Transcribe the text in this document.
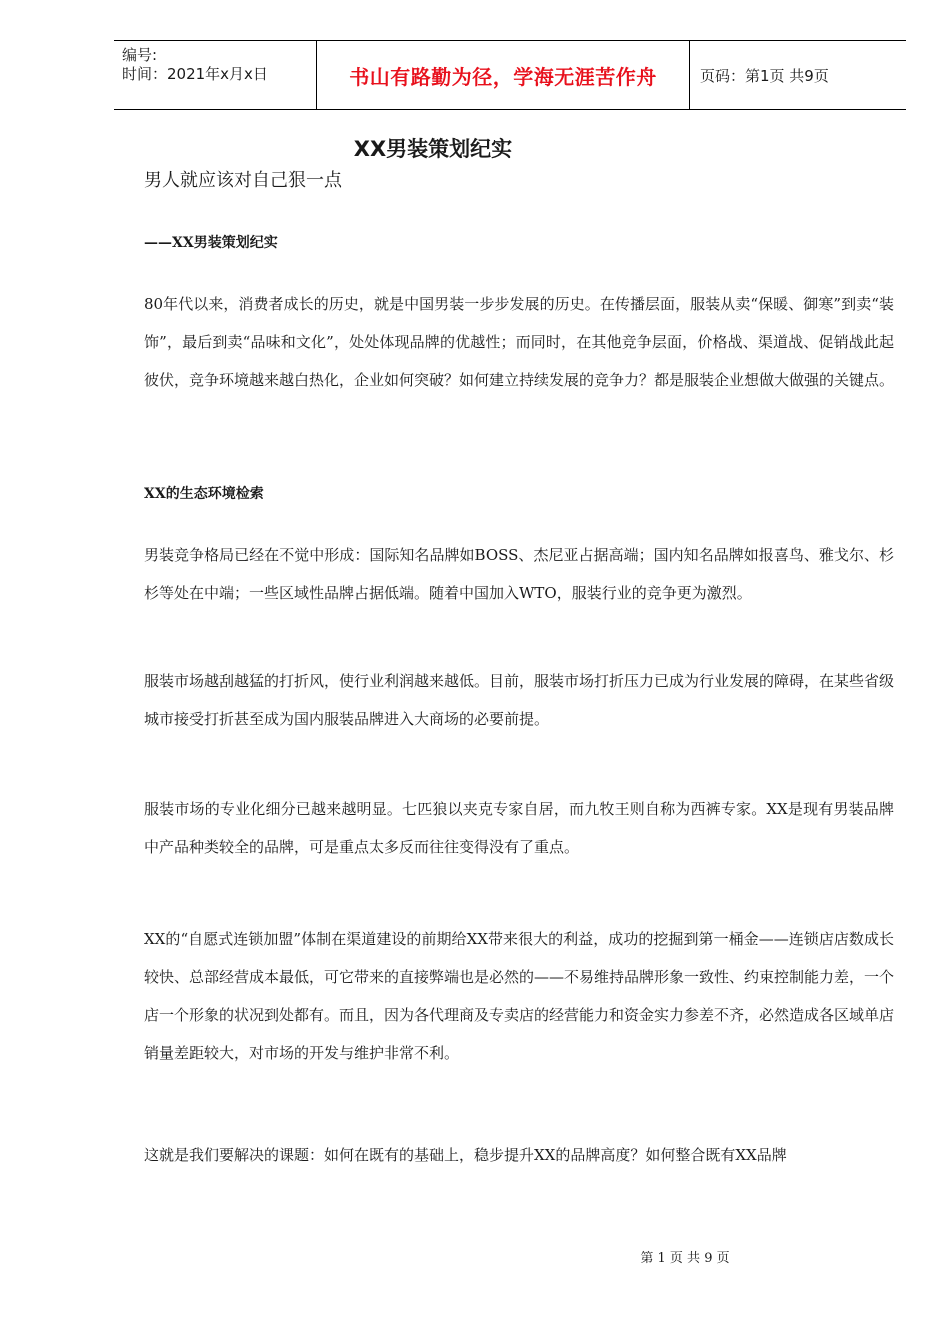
编号:
时间：2021年x月x日	书山有路勤为径，学海无涯苦作舟	页码：第1页 共9页
XX男装策划纪实
男人就应该对自己狠一点
——XX男装策划纪实

80年代以来，消费者成长的历史，就是中国男装一步步发展的历史。在传播层面，服装从卖“保暖、御寒”到卖“装饰”，最后到卖“品味和文化”，处处体现品牌的优越性；而同时，在其他竞争层面，价格战、渠道战、促销战此起彼伏，竞争环境越来越白热化，企业如何突破？如何建立持续发展的竞争力？都是服装企业想做大做强的关键点。

XX的生态环境检索

男装竞争格局已经在不觉中形成：国际知名品牌如BOSS、杰尼亚占据高端；国内知名品牌如报喜鸟、雅戈尔、杉杉等处在中端；一些区域性品牌占据低端。随着中国加入WTO，服装行业的竞争更为激烈。

服装市场越刮越猛的打折风，使行业利润越来越低。目前，服装市场打折压力已成为行业发展的障碍，在某些省级城市接受打折甚至成为国内服装品牌进入大商场的必要前提。

服装市场的专业化细分已越来越明显。七匹狼以夹克专家自居，而九牧王则自称为西裤专家。XX是现有男装品牌中产品种类较全的品牌，可是重点太多反而往往变得没有了重点。

XX的“自愿式连锁加盟”体制在渠道建设的前期给XX带来很大的利益，成功的挖掘到第一桶金——连锁店店数成长较快、总部经营成本最低，可它带来的直接弊端也是必然的——不易维持品牌形象一致性、约束控制能力差，一个店一个形象的状况到处都有。而且，因为各代理商及专卖店的经营能力和资金实力参差不齐，必然造成各区域单店销量差距较大，对市场的开发与维护非常不利。

这就是我们要解决的课题：如何在既有的基础上，稳步提升XX的品牌高度？如何整合既有XX品牌

第 1 页 共 9 页
